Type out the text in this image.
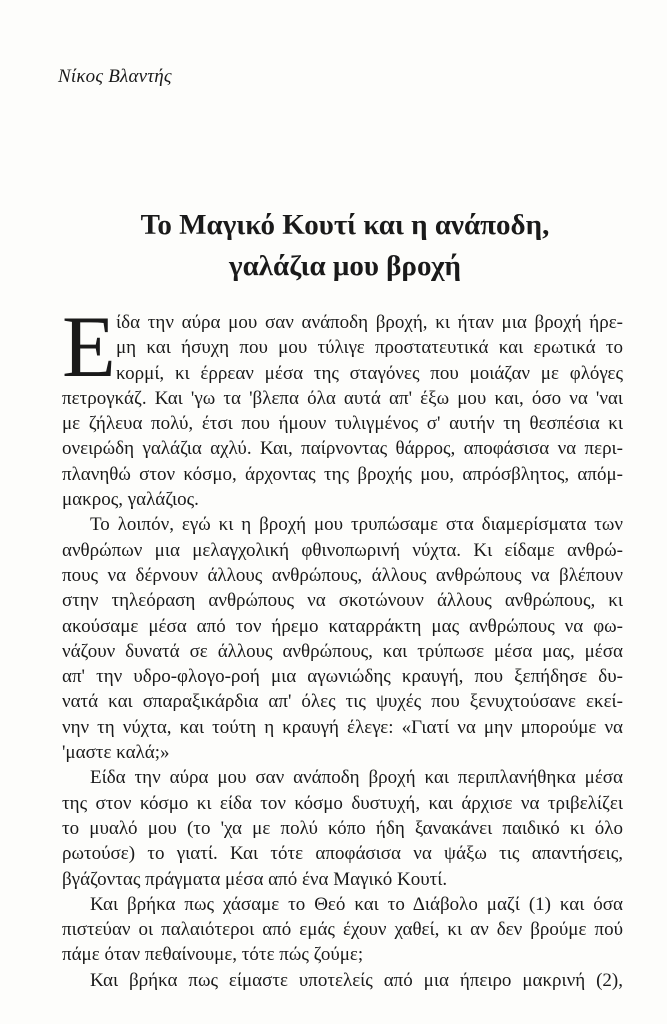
Νίκος Βλαντής
Το Μαγικό Κουτί και η ανάποδη,
γαλάζια μου βροχή
Ε ίδα την αύρα μου σαν ανάποδη βροχή, κι ήταν μια βροχή ήρε-
μη και ήσυχη που μου τύλιγε προστατευτικά και ερωτικά το
κορμί, κι έρρεαν μέσα της σταγόνες που μοιάζαν με φλόγες
πετρογκάζ. Και 'γω τα 'βλεπα όλα αυτά απ' έξω μου και, όσο να 'ναι
με ζήλευα πολύ, έτσι που ήμουν τυλιγμένος σ' αυτήν τη θεσπέσια κι
ονειρώδη γαλάζια αχλύ. Και, παίρνοντας θάρρος, αποφάσισα να περι-
πλανηθώ στον κόσμο, άρχοντας της βροχής μου, απρόσβλητος, απόμ-
μακρος, γαλάζιος.
Το λοιπόν, εγώ κι η βροχή μου τρυπώσαμε στα διαμερίσματα των
ανθρώπων μια μελαγχολική φθινοπωρινή νύχτα. Κι είδαμε ανθρώ-
πους να δέρνουν άλλους ανθρώπους, άλλους ανθρώπους να βλέπουν
στην τηλεόραση ανθρώπους να σκοτώνουν άλλους ανθρώπους, κι
ακούσαμε μέσα από τον ήρεμο καταρράκτη μας ανθρώπους να φω-
νάζουν δυνατά σε άλλους ανθρώπους, και τρύπωσε μέσα μας, μέσα
απ' την υδρο-φλογο-ροή μια αγωνιώδης κραυγή, που ξεπήδησε δυ-
νατά και σπαραξικάρδια απ' όλες τις ψυχές που ξενυχτούσανε εκεί-
νην τη νύχτα, και τούτη η κραυγή έλεγε: «Γιατί να μην μπορούμε να
'μαστε καλά;»
Είδα την αύρα μου σαν ανάποδη βροχή και περιπλανήθηκα μέσα
της στον κόσμο κι είδα τον κόσμο δυστυχή, και άρχισε να τριβελίζει
το μυαλό μου (το 'χα με πολύ κόπο ήδη ξανακάνει παιδικό κι όλο
ρωτούσε) το γιατί. Και τότε αποφάσισα να ψάξω τις απαντήσεις,
βγάζοντας πράγματα μέσα από ένα Μαγικό Κουτί.
Και βρήκα πως χάσαμε το Θεό και το Διάβολο μαζί (1) και όσα
πιστεύαν οι παλαιότεροι από εμάς έχουν χαθεί, κι αν δεν βρούμε πού
πάμε όταν πεθαίνουμε, τότε πώς ζούμε;
Και βρήκα πως είμαστε υποτελείς από μια ήπειρο μακρινή (2),
